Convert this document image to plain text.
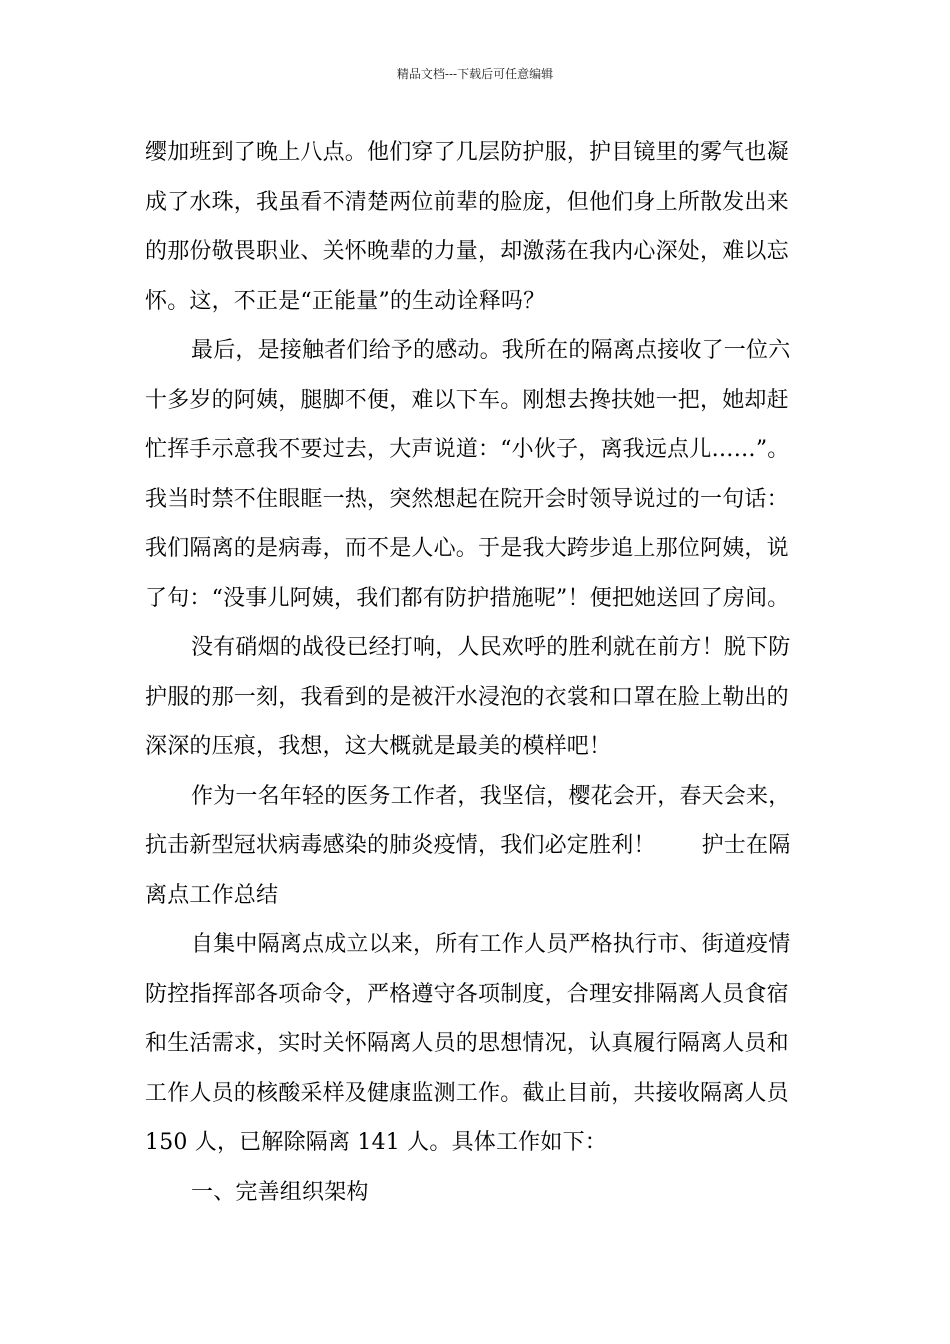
精品文档---下载后可任意编辑
缨加班到了晚上八点。他们穿了几层防护服，护目镜里的雾气也凝
成了水珠，我虽看不清楚两位前辈的脸庞，但他们身上所散发出来
的那份敬畏职业、关怀晚辈的力量，却激荡在我内心深处，难以忘
怀。这，不正是“正能量”的生动诠释吗？
最后，是接触者们给予的感动。我所在的隔离点接收了一位六
十多岁的阿姨，腿脚不便，难以下车。刚想去搀扶她一把，她却赶
忙挥手示意我不要过去，大声说道：“小伙子，离我远点儿……”。
我当时禁不住眼眶一热，突然想起在院开会时领导说过的一句话：
我们隔离的是病毒，而不是人心。于是我大跨步追上那位阿姨，说
了句：“没事儿阿姨，我们都有防护措施呢”！便把她送回了房间。
没有硝烟的战役已经打响，人民欢呼的胜利就在前方！脱下防
护服的那一刻，我看到的是被汗水浸泡的衣裳和口罩在脸上勒出的
深深的压痕，我想，这大概就是最美的模样吧！
作为一名年轻的医务工作者，我坚信，樱花会开，春天会来，
抗击新型冠状病毒感染的肺炎疫情，我们必定胜利！ 护士在隔
离点工作总结
自集中隔离点成立以来，所有工作人员严格执行市、街道疫情
防控指挥部各项命令，严格遵守各项制度，合理安排隔离人员食宿
和生活需求，实时关怀隔离人员的思想情况，认真履行隔离人员和
工作人员的核酸采样及健康监测工作。截止目前，共接收隔离人员
150 人，已解除隔离 141 人。具体工作如下：
一、完善组织架构
